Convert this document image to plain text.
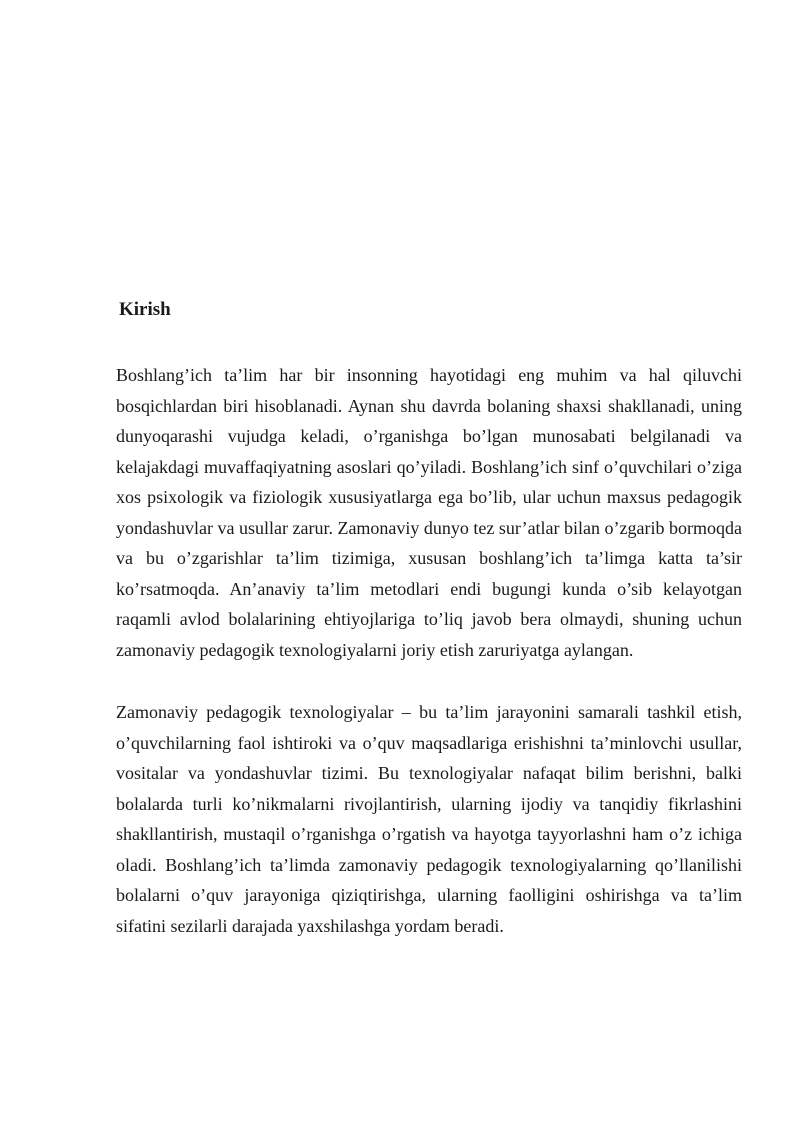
Kirish

Boshlang’ich ta’lim har bir insonning hayotidagi eng muhim va hal qiluvchi bosqichlardan biri hisoblanadi. Aynan shu davrda bolaning shaxsi shakllanadi, uning dunyoqarashi vujudga keladi, o’rganishga bo’lgan munosabati belgilanadi va kelajakdagi muvaffaqiyatning asoslari qo’yiladi. Boshlang’ich sinf o’quvchilari o’ziga xos psixologik va fiziologik xususiyatlarga ega bo’lib, ular uchun maxsus pedagogik yondashuvlar va usullar zarur. Zamonaviy dunyo tez sur’atlar bilan o’zgarib bormoqda va bu o’zgarishlar ta’lim tizimiga, xususan boshlang’ich ta’limga katta ta’sir ko’rsatmoqda. An’anaviy ta’lim metodlari endi bugungi kunda o’sib kelayotgan raqamli avlod bolalarining ehtiyojlariga to’liq javob bera olmaydi, shuning uchun zamonaviy pedagogik texnologiyalarni joriy etish zaruriyatga aylangan.

Zamonaviy pedagogik texnologiyalar – bu ta’lim jarayonini samarali tashkil etish, o’quvchilarning faol ishtiroki va o’quv maqsadlariga erishishni ta’minlovchi usullar, vositalar va yondashuvlar tizimi. Bu texnologiyalar nafaqat bilim berishni, balki bolalarda turli ko’nikmalarni rivojlantirish, ularning ijodiy va tanqidiy fikrlashini shakllantirish, mustaqil o’rganishga o’rgatish va hayotga tayyorlashni ham o’z ichiga oladi. Boshlang’ich ta’limda zamonaviy pedagogik texnologiyalarning qo’llanilishi bolalarni o’quv jarayoniga qiziqtirishga, ularning faolligini oshirishga va ta’lim sifatini sezilarli darajada yaxshilashga yordam beradi.
